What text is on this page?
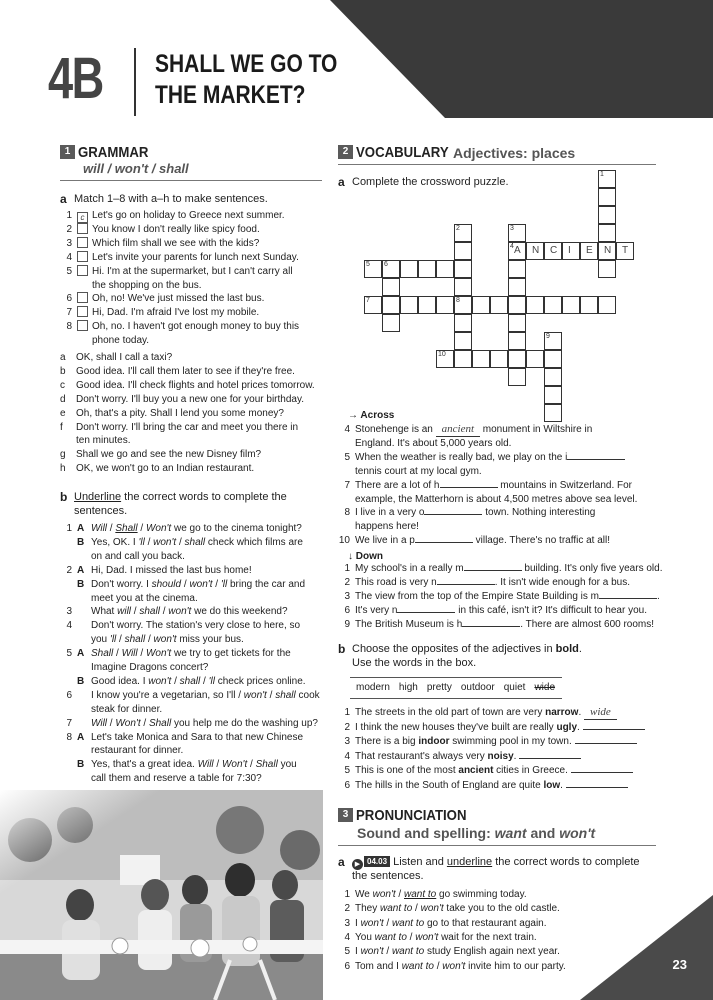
4B SHALL WE GO TO
THE MARKET?
1 GRAMMAR
will / won't / shall
a Match 1–8 with a–h to make sentences.
1 c Let's go on holiday to Greece next summer.
2 You know I don't really like spicy food.
3 Which film shall we see with the kids?
4 Let's invite your parents for lunch next Sunday.
5 Hi. I'm at the supermarket, but I can't carry all
the shopping on the bus.
6 Oh, no! We've just missed the last bus.
7 Hi, Dad. I'm afraid I've lost my mobile.
8 Oh, no. I haven't got enough money to buy this
phone today.
a OK, shall I call a taxi?
b Good idea. I'll call them later to see if they're free.
c Good idea. I'll check flights and hotel prices tomorrow.
d Don't worry. I'll buy you a new one for your birthday.
e Oh, that's a pity. Shall I lend you some money?
f Don't worry. I'll bring the car and meet you there in
ten minutes.
g Shall we go and see the new Disney film?
h OK, we won't go to an Indian restaurant.
b Underline the correct words to complete the
sentences.
1 A Will / Shall / Won't we go to the cinema tonight?
B Yes, OK. I 'll / won't / shall check which films are
on and call you back.
2 A Hi, Dad. I missed the last bus home!
B Don't worry. I should / won't / 'll bring the car and
meet you at the cinema.
3 What will / shall / won't we do this weekend?
4 Don't worry. The station's very close to here, so
you 'll / shall / won't miss your bus.
5 A Shall / Will / Won't we try to get tickets for the
Imagine Dragons concert?
B Good idea. I won't / shall / 'll check prices online.
6 I know you're a vegetarian, so I'll / won't / shall cook
steak for dinner.
7 Will / Won't / Shall you help me do the washing up?
8 A Let's take Monica and Sara to that new Chinese
restaurant for dinner.
B Yes, that's a great idea. Will / Won't / Shall you
call them and reserve a table for 7:30?
2 VOCABULARY Adjectives: places
a Complete the crossword puzzle.
1
2	3
4
5 6
7	8
9
10
A N C I E N T
→ Across
4 Stonehenge is an ancient monument in Wiltshire in
England. It's about 5,000 years old.
5 When the weather is really bad, we play on the i
tennis court at my local gym.
7 There are a lot of h	mountains in Switzerland. For
example, the Matterhorn is about 4,500 metres above sea level.
8 I live in a very o	town. Nothing interesting
happens here!
10 We live in a p	village. There's no traffic at all!
↓ Down
1 My school's in a really m	building. It's only five years old.
2 This road is very n	. It isn't wide enough for a bus.
3 The view from the top of the Empire State Building is m	.
6 It's very n	in this café, isn't it? It's difficult to hear you.
9 The British Museum is h	. There are almost 600 rooms!
b Choose the opposites of the adjectives in bold.
Use the words in the box.
modern high pretty outdoor quiet wide
1 The streets in the old part of town are very narrow. wide
2 I think the new houses they've built are really ugly.
3 There is a big indoor swimming pool in my town.
4 That restaurant's always very noisy.
5 This is one of the most ancient cities in Greece.
6 The hills in the South of England are quite low.
3 PRONUNCIATION
Sound and spelling: want and won't
a	▶ 04.03 Listen and underline the correct words to complete
the sentences.
1 We won't / want to go swimming today.
2 They want to / won't take you to the old castle.
3 I won't / want to go to that restaurant again.
4 You want to / won't wait for the next train.
5 I won't / want to study English again next year.
6 Tom and I want to / won't invite him to our party.	23
